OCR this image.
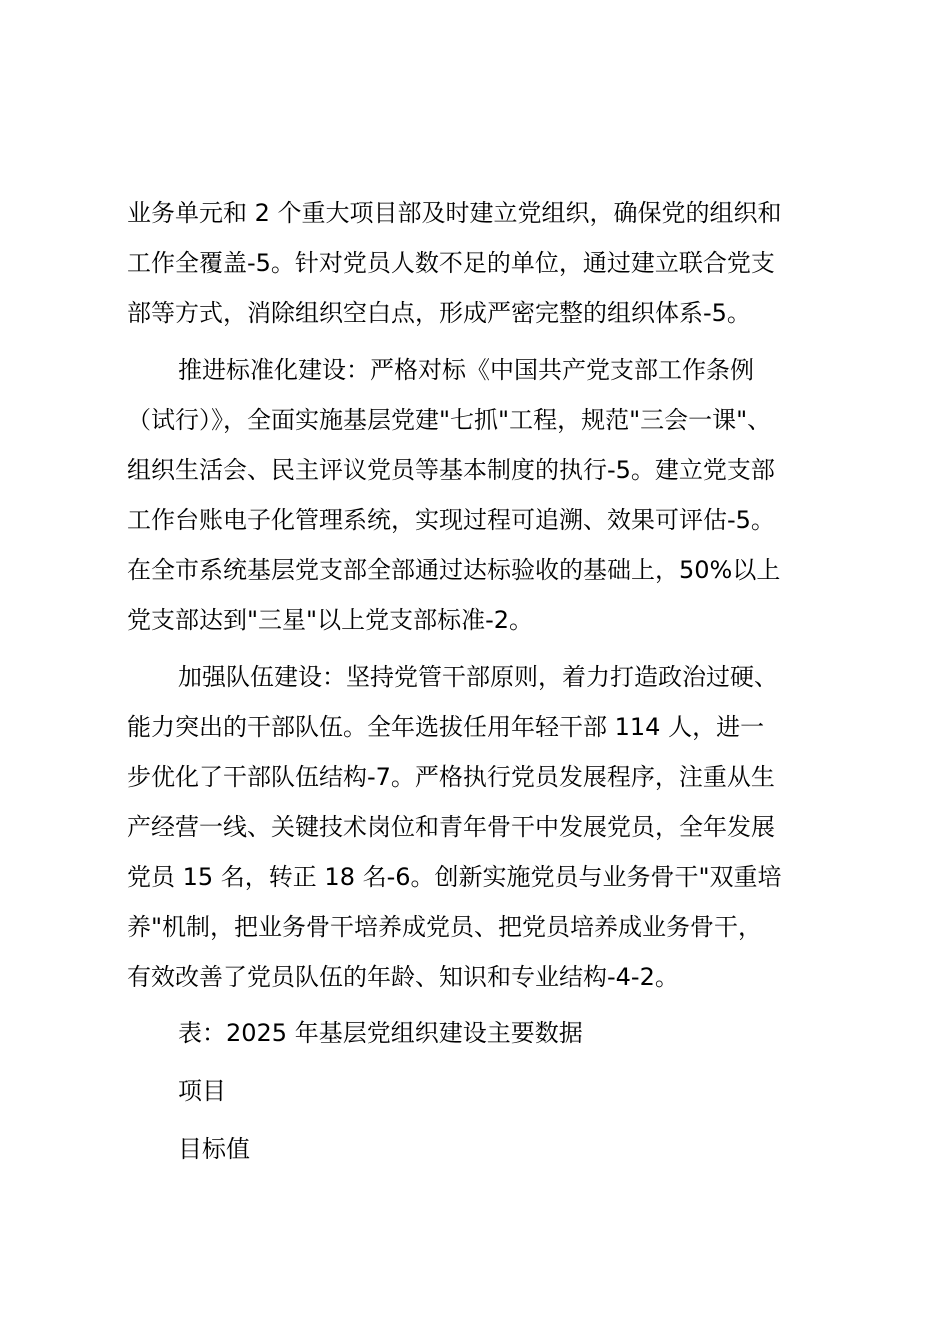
业务单元和 2 个重大项目部及时建立党组织，确保党的组织和
工作全覆盖-5。针对党员人数不足的单位，通过建立联合党支
部等方式，消除组织空白点，形成严密完整的组织体系-5。
推进标准化建设：严格对标《中国共产党支部工作条例
（试行）》，全面实施基层党建"七抓"工程，规范"三会一课"、
组织生活会、民主评议党员等基本制度的执行-5。建立党支部
工作台账电子化管理系统，实现过程可追溯、效果可评估-5。
在全市系统基层党支部全部通过达标验收的基础上，50%以上
党支部达到"三星"以上党支部标准-2。
加强队伍建设：坚持党管干部原则，着力打造政治过硬、
能力突出的干部队伍。全年选拔任用年轻干部 114 人，进一
步优化了干部队伍结构-7。严格执行党员发展程序，注重从生
产经营一线、关键技术岗位和青年骨干中发展党员，全年发展
党员 15 名，转正 18 名-6。创新实施党员与业务骨干"双重培
养"机制，把业务骨干培养成党员、把党员培养成业务骨干，
有效改善了党员队伍的年龄、知识和专业结构-4-2。
表：2025 年基层党组织建设主要数据
项目
目标值
